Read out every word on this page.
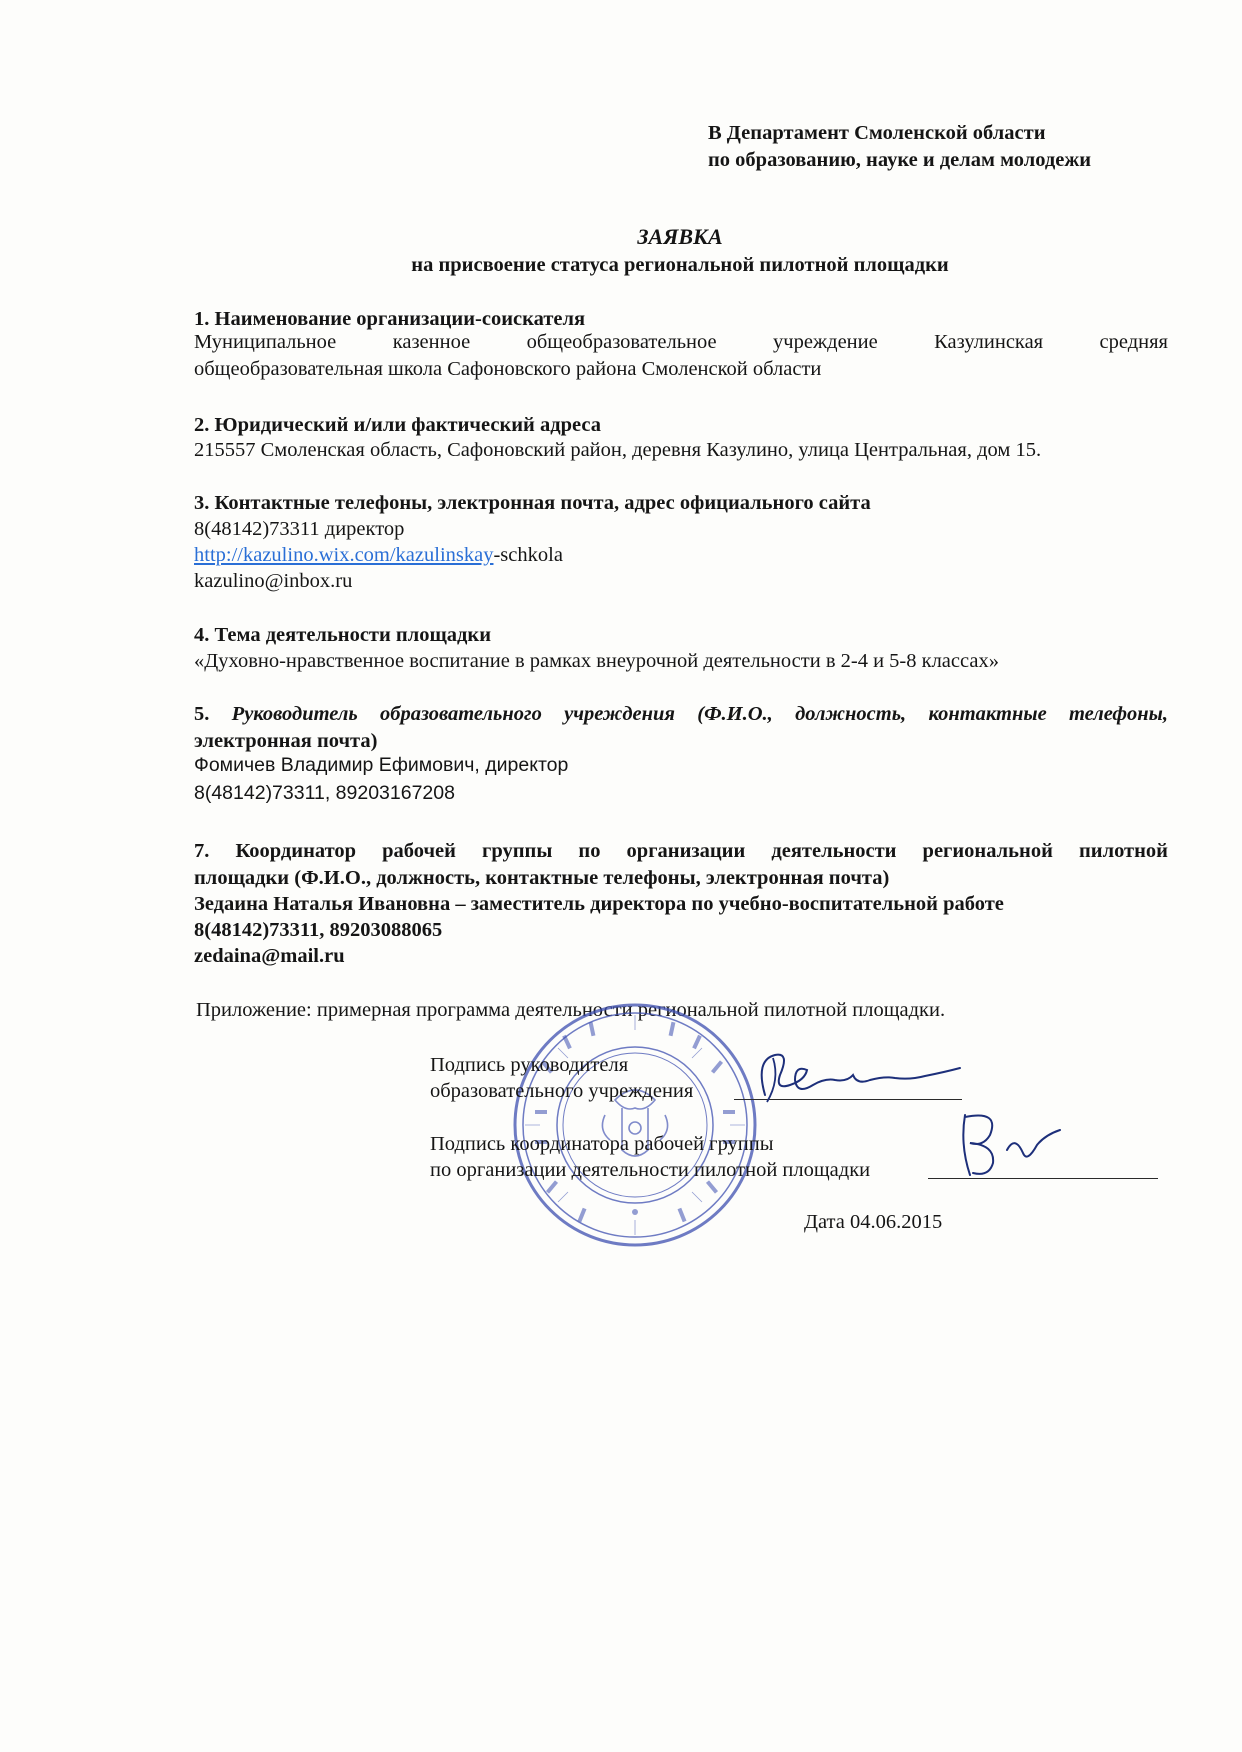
В Департамент Смоленской области
по образованию, науке и делам молодежи
ЗАЯВКА
на присвоение статуса региональной пилотной площадки
1. Наименование организации-соискателя
Муниципальное казенное общеобразовательное учреждение Казулинская средняя
общеобразовательная школа Сафоновского района Смоленской области
2. Юридический и/или фактический адреса
215557 Смоленская область, Сафоновский район, деревня Казулино, улица Центральная, дом 15.
3. Контактные телефоны, электронная почта, адрес официального сайта
8(48142)73311 директор
http://kazulino.wix.com/kazulinskay-schkola
kazulino@inbox.ru
4. Тема деятельности площадки
«Духовно-нравственное воспитание в рамках внеурочной деятельности в 2-4 и 5-8 классах»
5. Руководитель образовательного учреждения (Ф.И.О., должность, контактные телефоны,
электронная почта)
Фомичев Владимир Ефимович, директор
8(48142)73311, 89203167208
7. Координатор рабочей группы по организации деятельности региональной пилотной
площадки (Ф.И.О., должность, контактные телефоны, электронная почта)
Зедаина Наталья Ивановна – заместитель директора по учебно-воспитательной работе
8(48142)73311, 89203088065
zedaina@mail.ru
Приложение: примерная программа деятельности региональной пилотной площадки.
Подпись руководителя
образовательного учреждения
Подпись координатора рабочей группы
по организации деятельности пилотной площадки
Дата 04.06.2015
